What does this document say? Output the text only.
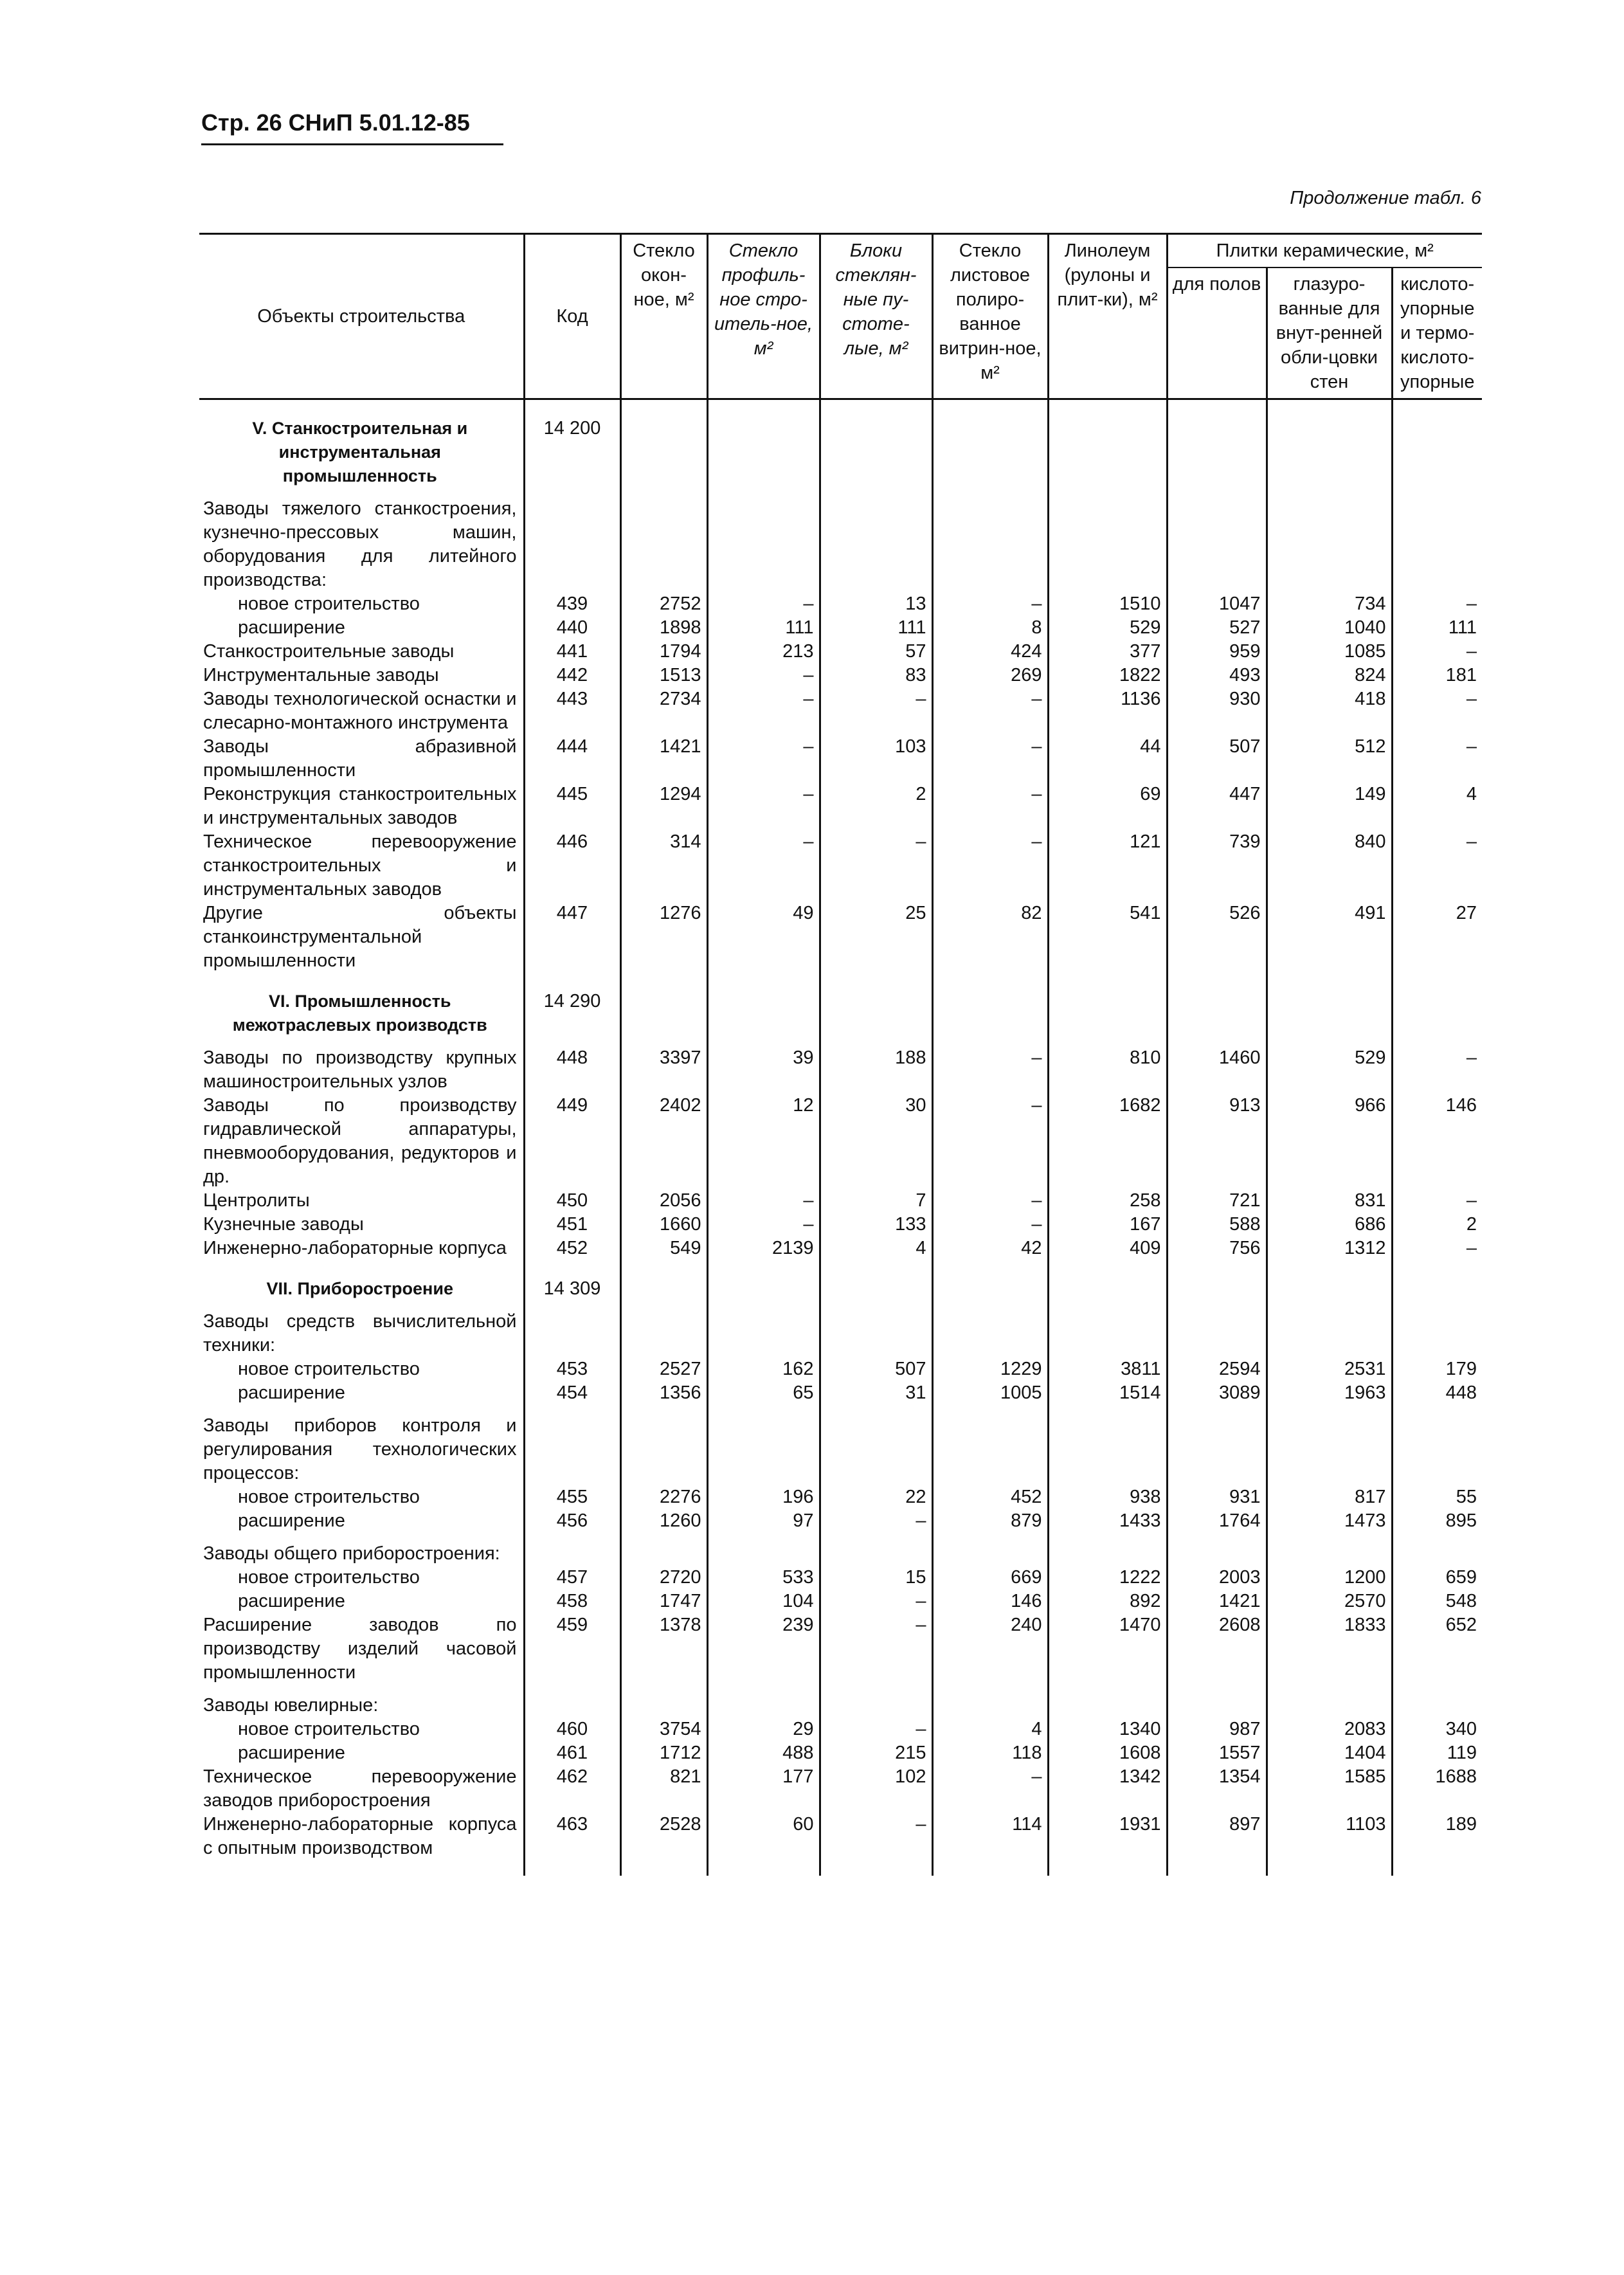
Стр. 26 СНиП 5.01.12-85
Продолжение табл. 6
Объекты строительства	Код	Стекло окон-ное, м²	Стекло профиль-ное стро-итель-ное, м²	Блоки стеклян-ные пу-стоте-лые, м²	Стекло листовое полиро-ванное витрин-ное, м²	Линолеум (рулоны и плит-ки), м²	Плитки керамические, м²		
							для полов	глазуро-ванные для внут-ренней обли-цовки стен	кислото-упорные и термо-кислото-упорные
V. Станкостроительная и инструментальная промышленность	14 200								
Заводы тяжелого станкостроения, кузнечно-прессовых машин, оборудования для литейного производства:									
новое строительство	439	2752	–	13	–	1510	1047	734	–
расширение	440	1898	111	111	8	529	527	1040	111
Станкостроительные заводы	441	1794	213	57	424	377	959	1085	–
Инструментальные заводы	442	1513	–	83	269	1822	493	824	181
Заводы технологической оснастки и слесарно-монтажного инструмента	443	2734	–	–	–	1136	930	418	–
Заводы абразивной промышленности	444	1421	–	103	–	44	507	512	–
Реконструкция станкостроительных и инструментальных заводов	445	1294	–	2	–	69	447	149	4
Техническое перевооружение станкостроительных и инструментальных заводов	446	314	–	–	–	121	739	840	–
Другие объекты станкоинструментальной промышленности	447	1276	49	25	82	541	526	491	27
VI. Промышленность межотраслевых производств	14 290								
Заводы по производству крупных машиностроительных узлов	448	3397	39	188	–	810	1460	529	–
Заводы по производству гидравлической аппаратуры, пневмооборудования, редукторов и др.	449	2402	12	30	–	1682	913	966	146
Центролиты	450	2056	–	7	–	258	721	831	–
Кузнечные заводы	451	1660	–	133	–	167	588	686	2
Инженерно-лабораторные корпуса	452	549	2139	4	42	409	756	1312	–
VII. Приборостроение	14 309								
Заводы средств вычислительной техники:									
новое строительство	453	2527	162	507	1229	3811	2594	2531	179
расширение	454	1356	65	31	1005	1514	3089	1963	448
Заводы приборов контроля и регулирования технологических процессов:									
новое строительство	455	2276	196	22	452	938	931	817	55
расширение	456	1260	97	–	879	1433	1764	1473	895
Заводы общего приборостроения:									
новое строительство	457	2720	533	15	669	1222	2003	1200	659
расширение	458	1747	104	–	146	892	1421	2570	548
Расширение заводов по производству изделий часовой промышленности	459	1378	239	–	240	1470	2608	1833	652
Заводы ювелирные:									
новое строительство	460	3754	29	–	4	1340	987	2083	340
расширение	461	1712	488	215	118	1608	1557	1404	119
Техническое перевооружение заводов приборостроения	462	821	177	102	–	1342	1354	1585	1688
Инженерно-лабораторные корпуса с опытным производством	463	2528	60	–	114	1931	897	1103	189
